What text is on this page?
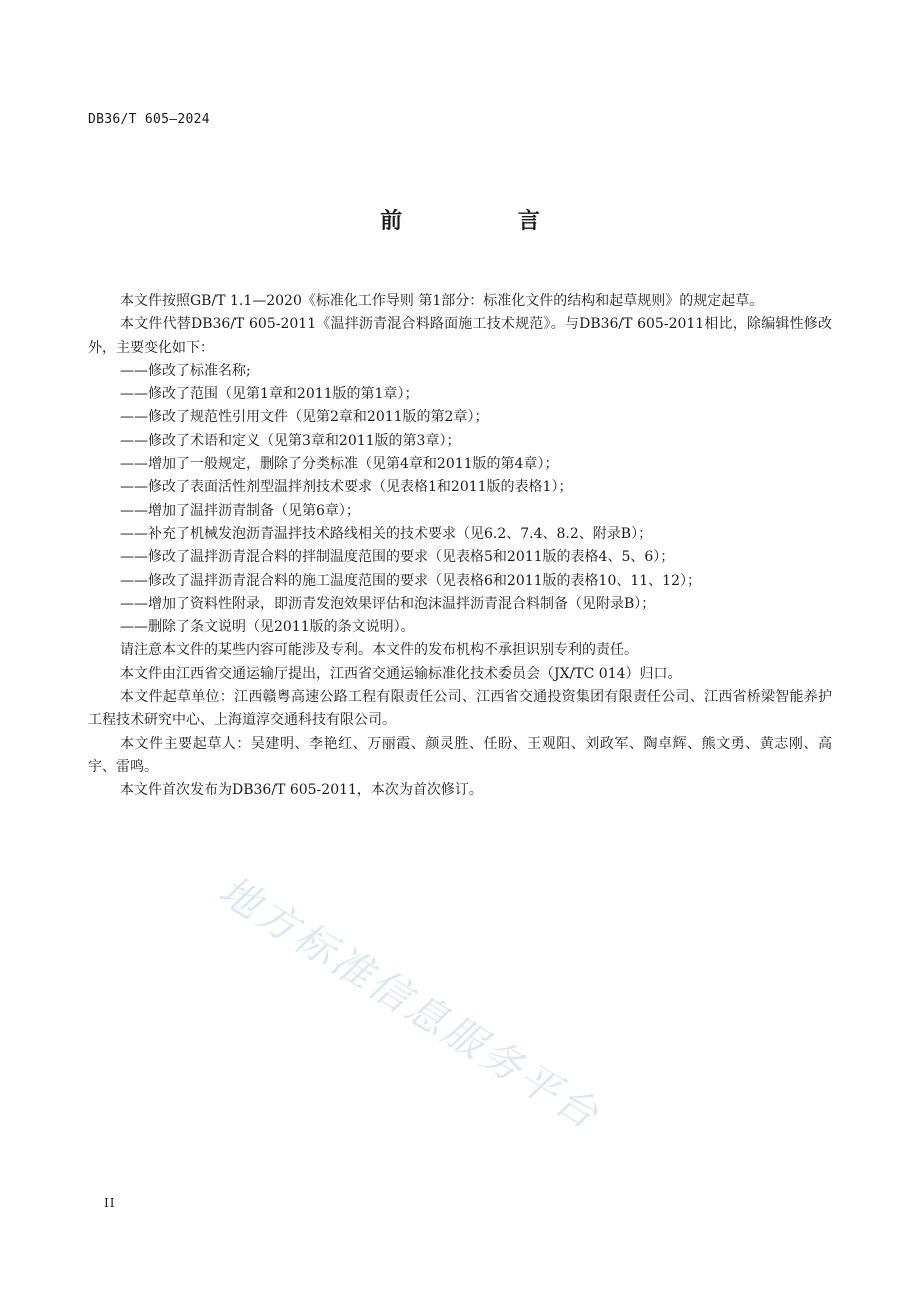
DB36/T 605—2024
前 言

本文件按照GB/T 1.1—2020《标准化工作导则 第1部分：标准化文件的结构和起草规则》的规定起草。

本文件代替DB36/T 605-2011《温拌沥青混合料路面施工技术规范》。与DB36/T 605-2011相比，除编辑性修改外，主要变化如下：

——修改了标准名称;

——修改了范围（见第1章和2011版的第1章）；

——修改了规范性引用文件（见第2章和2011版的第2章）；

——修改了术语和定义（见第3章和2011版的第3章）；

——增加了一般规定，删除了分类标准（见第4章和2011版的第4章）；

——修改了表面活性剂型温拌剂技术要求（见表格1和2011版的表格1）；

——增加了温拌沥青制备（见第6章）；

——补充了机械发泡沥青温拌技术路线相关的技术要求（见6.2、7.4、8.2、附录B）；

——修改了温拌沥青混合料的拌制温度范围的要求（见表格5和2011版的表格4、5、6）；

——修改了温拌沥青混合料的施工温度范围的要求（见表格6和2011版的表格10、11、12）；

——增加了资料性附录，即沥青发泡效果评估和泡沫温拌沥青混合料制备（见附录B）；

——删除了条文说明（见2011版的条文说明）。

请注意本文件的某些内容可能涉及专利。本文件的发布机构不承担识别专利的责任。

本文件由江西省交通运输厅提出，江西省交通运输标准化技术委员会（JX/TC 014）归口。

本文件起草单位：江西赣粤高速公路工程有限责任公司、江西省交通投资集团有限责任公司、江西省桥梁智能养护工程技术研究中心、上海道淳交通科技有限公司。

本文件主要起草人：吴建明、李艳红、万丽霞、颜灵胜、任盼、王观阳、刘政军、陶卓辉、熊文勇、黄志刚、高宇、雷鸣。

本文件首次发布为DB36/T 605-2011，本次为首次修订。

地方标准信息服务平台
II
